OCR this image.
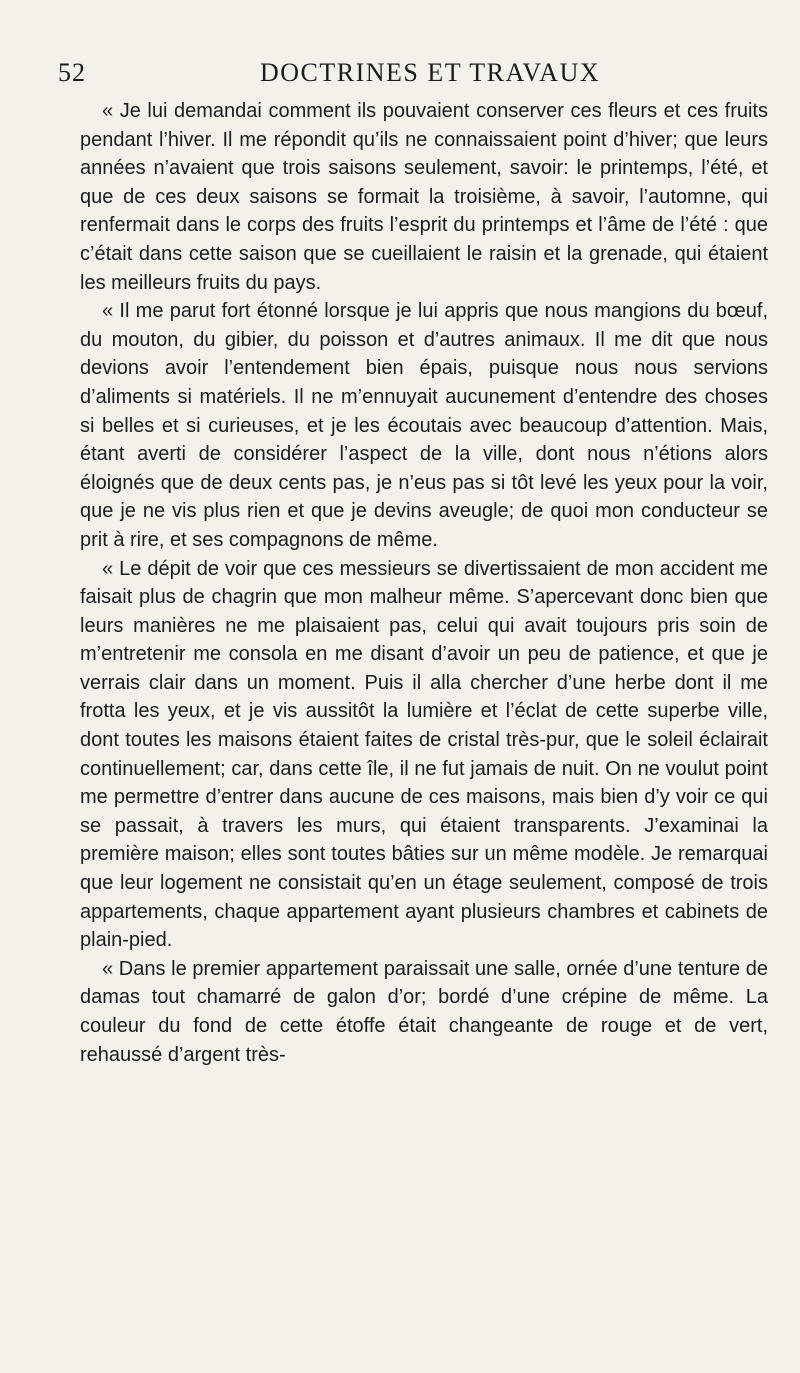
52	DOCTRINES ET TRAVAUX

« Je lui demandai comment ils pouvaient conserver ces fleurs et ces fruits pendant l’hiver. Il me répondit qu’ils ne connaissaient point d’hiver; que leurs années n’avaient que trois saisons seulement, savoir: le printemps, l’été, et que de ces deux saisons se formait la troisième, à savoir, l’automne, qui renfermait dans le corps des fruits l’esprit du printemps et l’âme de l’été : que c’était dans cette saison que se cueillaient le raisin et la grenade, qui étaient les meilleurs fruits du pays.

« Il me parut fort étonné lorsque je lui appris que nous mangions du bœuf, du mouton, du gibier, du poisson et d’autres animaux. Il me dit que nous devions avoir l’entendement bien épais, puisque nous nous servions d’aliments si matériels. Il ne m’ennuyait aucunement d’entendre des choses si belles et si curieuses, et je les écoutais avec beaucoup d’attention. Mais, étant averti de considérer l’aspect de la ville, dont nous n’étions alors éloignés que de deux cents pas, je n’eus pas si tôt levé les yeux pour la voir, que je ne vis plus rien et que je devins aveugle; de quoi mon conducteur se prit à rire, et ses compagnons de même.

« Le dépit de voir que ces messieurs se divertissaient de mon accident me faisait plus de chagrin que mon malheur même. S’apercevant donc bien que leurs manières ne me plaisaient pas, celui qui avait toujours pris soin de m’entretenir me consola en me disant d’avoir un peu de patience, et que je verrais clair dans un moment. Puis il alla chercher d’une herbe dont il me frotta les yeux, et je vis aussitôt la lumière et l’éclat de cette superbe ville, dont toutes les maisons étaient faites de cristal très-pur, que le soleil éclairait continuellement; car, dans cette île, il ne fut jamais de nuit. On ne voulut point me permettre d’entrer dans aucune de ces maisons, mais bien d’y voir ce qui se passait, à travers les murs, qui étaient transparents. J’examinai la première maison; elles sont toutes bâties sur un même modèle. Je remarquai que leur logement ne consistait qu’en un étage seulement, composé de trois appartements, chaque appartement ayant plusieurs chambres et cabinets de plain-pied.

« Dans le premier appartement paraissait une salle, ornée d’une tenture de damas tout chamarré de galon d’or; bordé d’une crépine de même. La couleur du fond de cette étoffe était changeante de rouge et de vert, rehaussé d’argent très-
